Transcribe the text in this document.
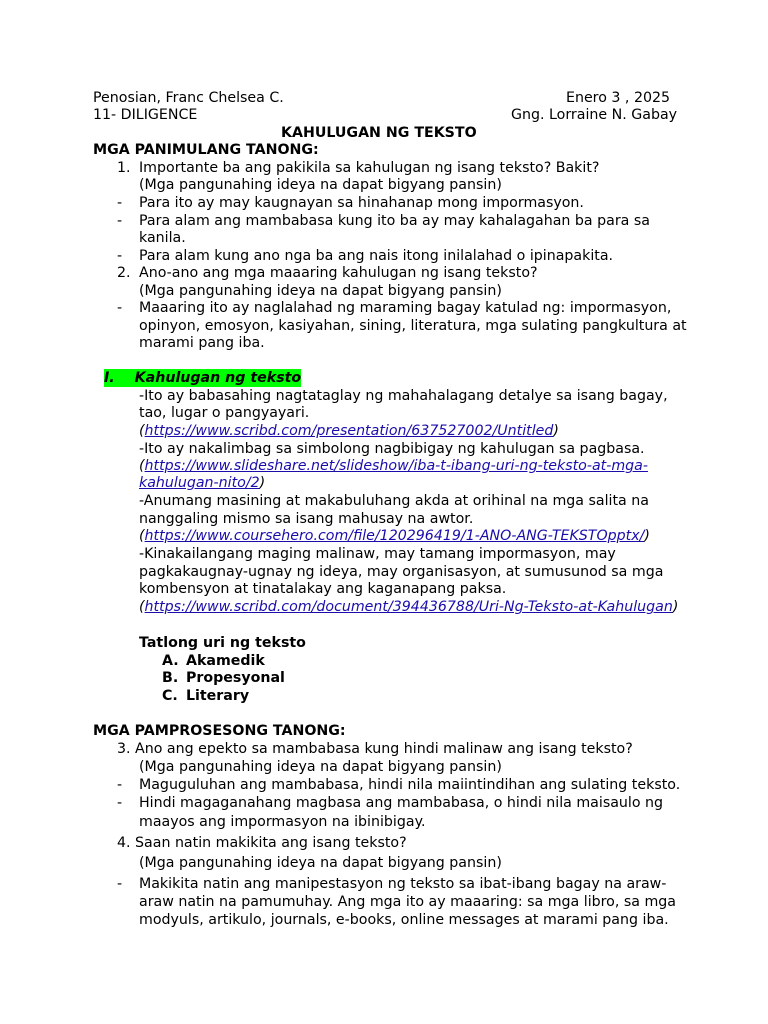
Penosian, Franc Chelsea C.
11- DILIGENCE
Enero 3 , 2025
Gng. Lorraine N. Gabay
KAHULUGAN NG TEKSTO
MGA PANIMULANG TANONG:
1. Importante ba ang pakikila sa kahulugan ng isang teksto? Bakit?
(Mga pangunahing ideya na dapat bigyang pansin)
- Para ito ay may kaugnayan sa hinahanap mong impormasyon.
- Para alam ang mambabasa kung ito ba ay may kahalagahan ba para sa
kanila.
- Para alam kung ano nga ba ang nais itong inilalahad o ipinapakita.
2. Ano-ano ang mga maaaring kahulugan ng isang teksto?
(Mga pangunahing ideya na dapat bigyang pansin)
- Maaaring ito ay naglalahad ng maraming bagay katulad ng: impormasyon,
opinyon, emosyon, kasiyahan, sining, literatura, mga sulating pangkultura at
marami pang iba.
I. Kahulugan ng teksto
-Ito ay babasahing nagtataglay ng mahahalagang detalye sa isang bagay,
tao, lugar o pangyayari.
(https://www.scribd.com/presentation/637527002/Untitled)
-Ito ay nakalimbag sa simbolong nagbibigay ng kahulugan sa pagbasa.
(https://www.slideshare.net/slideshow/iba-t-ibang-uri-ng-teksto-at-mga-
kahulugan-nito/2)
-Anumang masining at makabuluhang akda at orihinal na mga salita na
nanggaling mismo sa isang mahusay na awtor.
(https://www.coursehero.com/file/120296419/1-ANO-ANG-TEKSTOpptx/)
-Kinakailangang maging malinaw, may tamang impormasyon, may
pagkakaugnay-ugnay ng ideya, may organisasyon, at sumusunod sa mga
kombensyon at tinatalakay ang kaganapang paksa.
(https://www.scribd.com/document/394436788/Uri-Ng-Teksto-at-Kahulugan)
Tatlong uri ng teksto
A. Akamedik
B. Propesyonal
C. Literary
MGA PAMPROSESONG TANONG:
3. Ano ang epekto sa mambabasa kung hindi malinaw ang isang teksto?
(Mga pangunahing ideya na dapat bigyang pansin)
- Maguguluhan ang mambabasa, hindi nila maiintindihan ang sulating teksto.
- Hindi magaganahang magbasa ang mambabasa, o hindi nila maisaulo ng
maayos ang impormasyon na ibinibigay.
4. Saan natin makikita ang isang teksto?
(Mga pangunahing ideya na dapat bigyang pansin)
- Makikita natin ang manipestasyon ng teksto sa ibat-ibang bagay na araw-
araw natin na pamumuhay. Ang mga ito ay maaaring: sa mga libro, sa mga
modyuls, artikulo, journals, e-books, online messages at marami pang iba.
